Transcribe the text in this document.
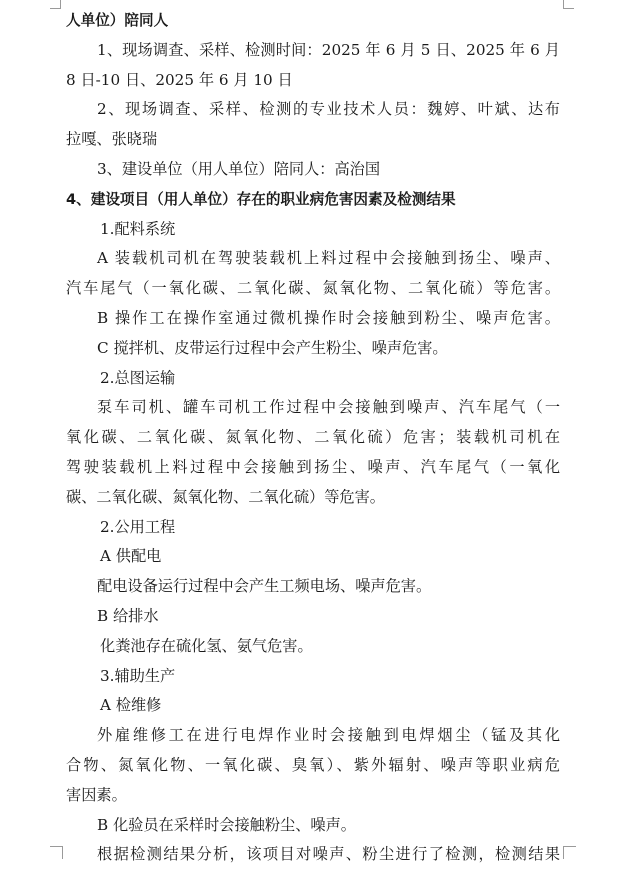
人单位）陪同人
1、现场调查、采样、检测时间：2025 年 6 月 5 日、2025 年 6 月
8 日-10 日、2025 年 6 月 10 日
2、现场调查、采样、检测的专业技术人员：魏婷、叶斌、达布
拉嘎、张晓瑞
3、建设单位（用人单位）陪同人：高治国
4、建设项目（用人单位）存在的职业病危害因素及检测结果
1.配料系统
A 装载机司机在驾驶装载机上料过程中会接触到扬尘、噪声、
汽车尾气（一氧化碳、二氧化碳、氮氧化物、二氧化硫）等危害。
B 操作工在操作室通过微机操作时会接触到粉尘、噪声危害。
C 搅拌机、皮带运行过程中会产生粉尘、噪声危害。
2.总图运输
泵车司机、罐车司机工作过程中会接触到噪声、汽车尾气（一
氧化碳、二氧化碳、氮氧化物、二氧化硫）危害；装载机司机在
驾驶装载机上料过程中会接触到扬尘、噪声、汽车尾气（一氧化
碳、二氧化碳、氮氧化物、二氧化硫）等危害。
2.公用工程
A 供配电
配电设备运行过程中会产生工频电场、噪声危害。
B 给排水
化粪池存在硫化氢、氨气危害。
3.辅助生产
A 检维修
外雇维修工在进行电焊作业时会接触到电焊烟尘（锰及其化
合物、氮氧化物、一氧化碳、臭氧）、紫外辐射、噪声等职业病危
害因素。
B 化验员在采样时会接触粉尘、噪声。
根据检测结果分析，该项目对噪声、粉尘进行了检测，检测结果
